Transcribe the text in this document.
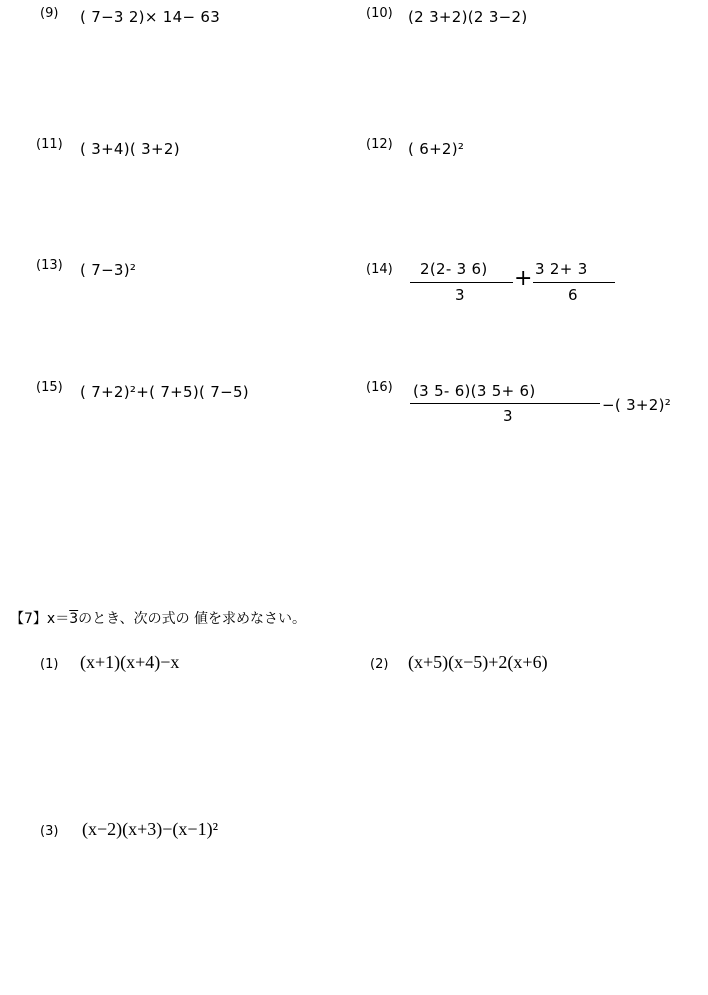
(9) ( 7−3 2)× 14− 63	(10) (2 3+2)(2 3−2)
(11) ( 3+4)( 3+2)	(12) ( 6+2)²
(13) ( 7−3)²	(14) 2(2- 3 6)
3
+ 3 2+ 3
6
(15) ( 7+2)²+( 7+5)( 7−5)	(16) (3 5- 6)(3 5+ 6)
3
−( 3+2)²
【7】x＝3のとき、次の式の 値を求めなさい。
(1) (x+1)(x+4)−x	(2) (x+5)(x−5)+2(x+6)
(3) (x−2)(x+3)−(x−1)²
